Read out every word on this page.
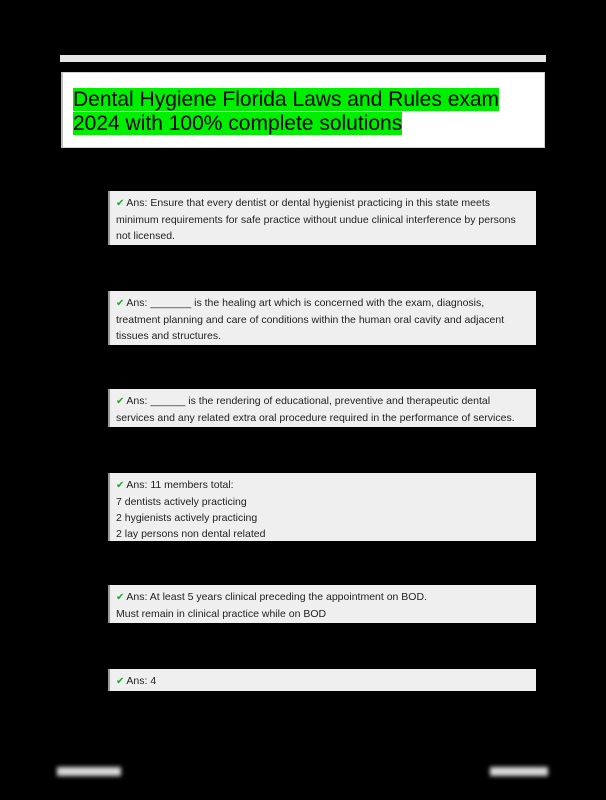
Dental Hygiene Florida Laws and Rules exam 2024 with 100% complete solutions
✔ Ans: Ensure that every dentist or dental hygienist practicing in this state meets minimum requirements for safe practice without undue clinical interference by persons not licensed.
✔ Ans: _______ is the healing art which is concerned with the exam, diagnosis, treatment planning and care of conditions within the human oral cavity and adjacent tissues and structures.
✔ Ans: ______ is the rendering of educational, preventive and therapeutic dental services and any related extra oral procedure required in the performance of services.
✔ Ans: 11 members total:
7 dentists actively practicing
2 hygienists actively practicing
2 lay persons non dental related
✔ Ans: At least 5 years clinical preceding the appointment on BOD.
Must remain in clinical practice while on BOD
✔ Ans: 4
